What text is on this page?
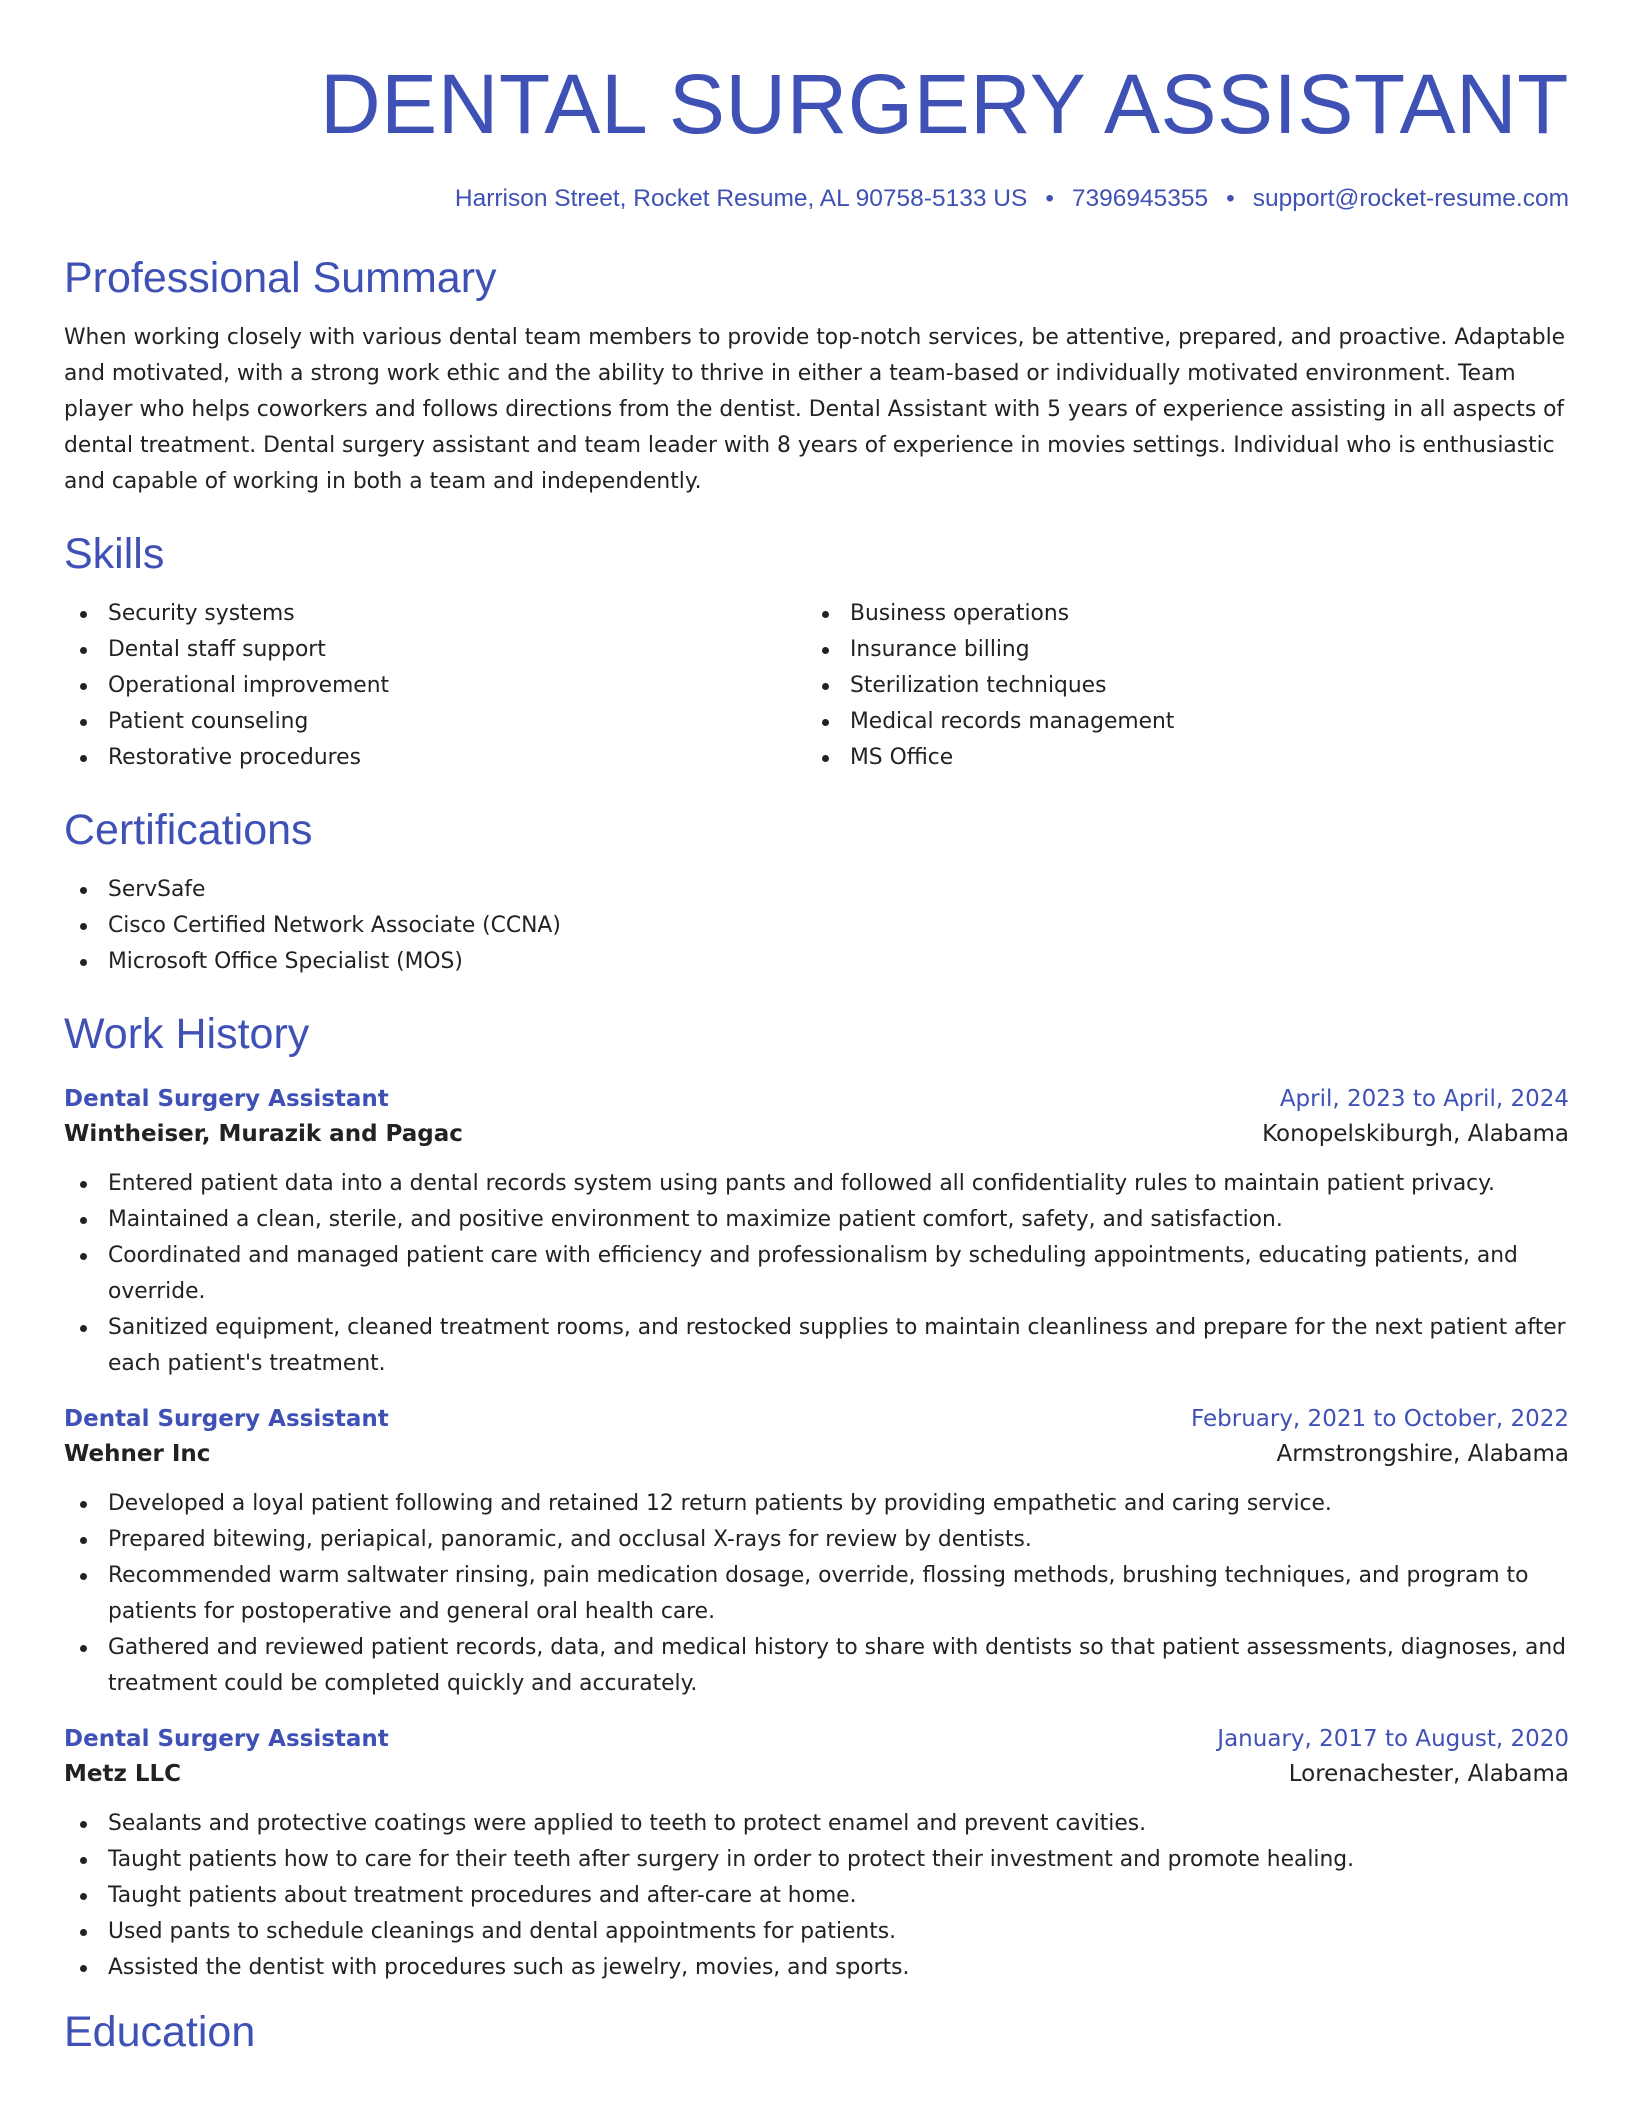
DENTAL SURGERY ASSISTANT
Harrison Street, Rocket Resume, AL 90758-5133 US • 7396945355 • support@rocket-resume.com
Professional Summary

When working closely with various dental team members to provide top-notch services, be attentive, prepared, and proactive. Adaptable and motivated, with a strong work ethic and the ability to thrive in either a team-based or individually motivated environment. Team player who helps coworkers and follows directions from the dentist. Dental Assistant with 5 years of experience assisting in all aspects of dental treatment. Dental surgery assistant and team leader with 8 years of experience in movies settings. Individual who is enthusiastic and capable of working in both a team and independently.

Skills
Security systems
Dental staff support
Operational improvement
Patient counseling
Restorative procedures
Business operations
Insurance billing
Sterilization techniques
Medical records management
MS Office
Certifications
ServSafe
Cisco Certified Network Associate (CCNA)
Microsoft Office Specialist (MOS)
Work History
Dental Surgery Assistant	April, 2023 to April, 2024
Wintheiser, Murazik and Pagac	Konopelskiburgh, Alabama
Entered patient data into a dental records system using pants and followed all confidentiality rules to maintain patient privacy.
Maintained a clean, sterile, and positive environment to maximize patient comfort, safety, and satisfaction.
Coordinated and managed patient care with efficiency and professionalism by scheduling appointments, educating patients, and override.
Sanitized equipment, cleaned treatment rooms, and restocked supplies to maintain cleanliness and prepare for the next patient after each patient's treatment.
Dental Surgery Assistant	February, 2021 to October, 2022
Wehner Inc	Armstrongshire, Alabama
Developed a loyal patient following and retained 12 return patients by providing empathetic and caring service.
Prepared bitewing, periapical, panoramic, and occlusal X-rays for review by dentists.
Recommended warm saltwater rinsing, pain medication dosage, override, flossing methods, brushing techniques, and program to patients for postoperative and general oral health care.
Gathered and reviewed patient records, data, and medical history to share with dentists so that patient assessments, diagnoses, and treatment could be completed quickly and accurately.
Dental Surgery Assistant	January, 2017 to August, 2020
Metz LLC	Lorenachester, Alabama
Sealants and protective coatings were applied to teeth to protect enamel and prevent cavities.
Taught patients how to care for their teeth after surgery in order to protect their investment and promote healing.
Taught patients about treatment procedures and after-care at home.
Used pants to schedule cleanings and dental appointments for patients.
Assisted the dentist with procedures such as jewelry, movies, and sports.
Education
